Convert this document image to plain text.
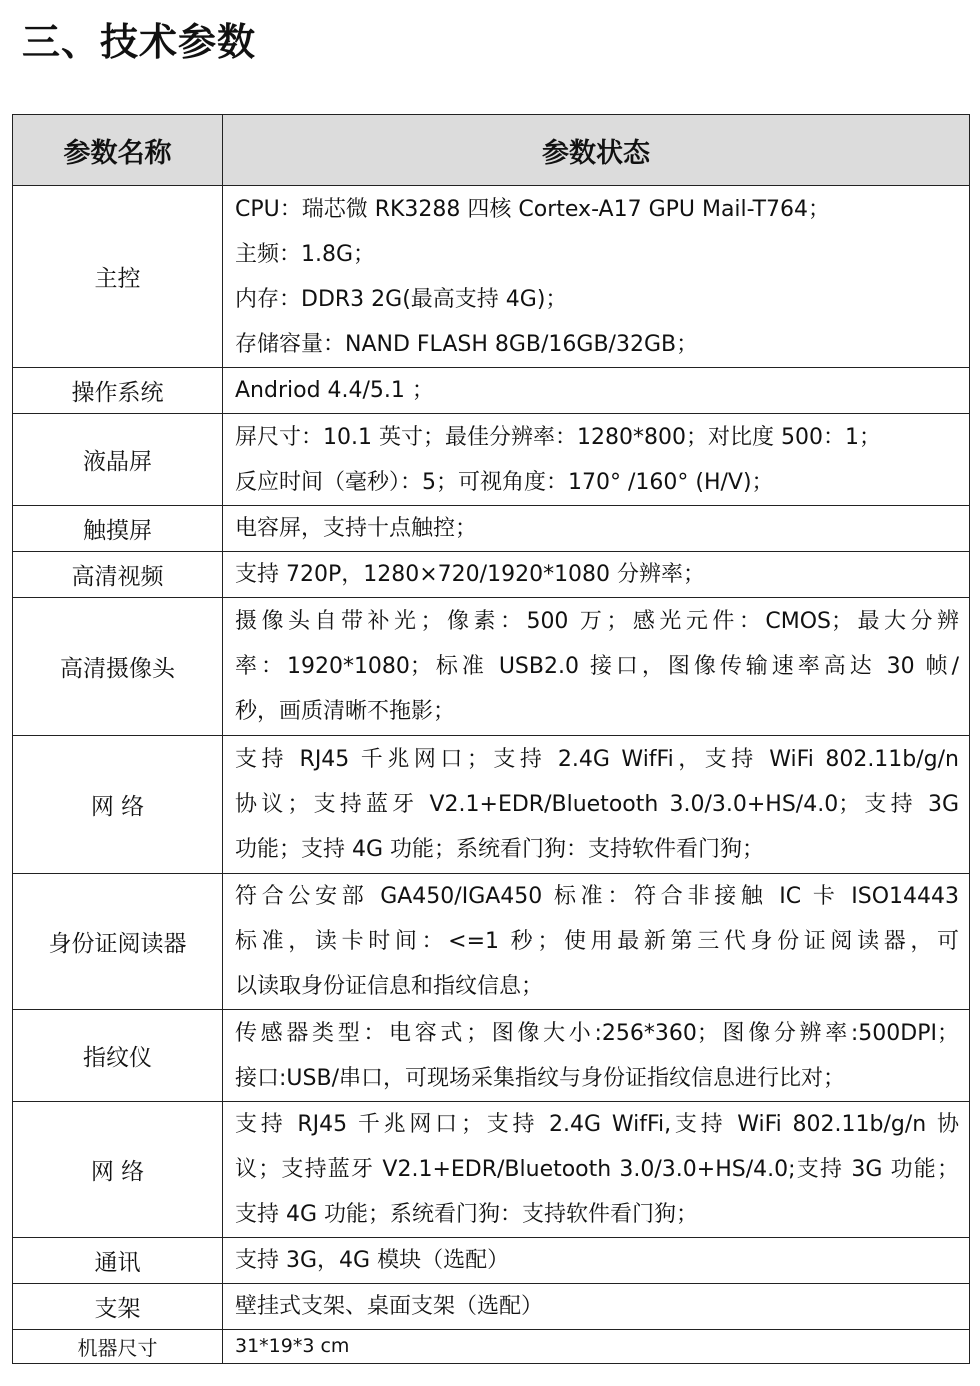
三、技术参数
参数名称	参数状态
主控	CPU：瑞芯微 RK3288 四核 Cortex-A17 GPU Mail-T764；
主频：1.8G；
内存：DDR3 2G(最高支持 4G)；
存储容量：NAND FLASH 8GB/16GB/32GB；

操作系统	Andriod 4.4/5.1 ；

液晶屏	屏尺寸：10.1 英寸；最佳分辨率：1280*800；对比度 500：1；
反应时间（毫秒）：5；可视角度：170° /160° (H/V)；

触摸屏	电容屏，支持十点触控；

高清视频	支持 720P，1280×720/1920*1080 分辨率；

高清摄像头	摄像头自带补光；像素：500 万；感光元件：CMOS；最大分辨
率：1920*1080；标准 USB2.0 接口，图像传输速率高达 30 帧/
秒，画质清晰不拖影；

网 络	支持 RJ45 千兆网口；支持 2.4G WifFi，支持 WiFi 802.11b/g/n
协议；支持蓝牙 V2.1+EDR/Bluetooth 3.0/3.0+HS/4.0；支持 3G
功能；支持 4G 功能；系统看门狗：支持软件看门狗；

身份证阅读器	符合公安部 GA450/IGA450 标准：符合非接触 IC 卡 ISO14443
标准，读卡时间：<=1 秒；使用最新第三代身份证阅读器，可
以读取身份证信息和指纹信息；

指纹仪	传感器类型：电容式；图像大小:256*360；图像分辨率:500DPI；
接口:USB/串口，可现场采集指纹与身份证指纹信息进行比对；

网 络	支持 RJ45 千兆网口；支持 2.4G WifFi,支持 WiFi 802.11b/g/n 协
议；支持蓝牙 V2.1+EDR/Bluetooth 3.0/3.0+HS/4.0;支持 3G 功能；
支持 4G 功能；系统看门狗：支持软件看门狗；

通讯	支持 3G，4G 模块（选配）

支架	壁挂式支架、桌面支架（选配）

机器尺寸	31*19*3 cm
